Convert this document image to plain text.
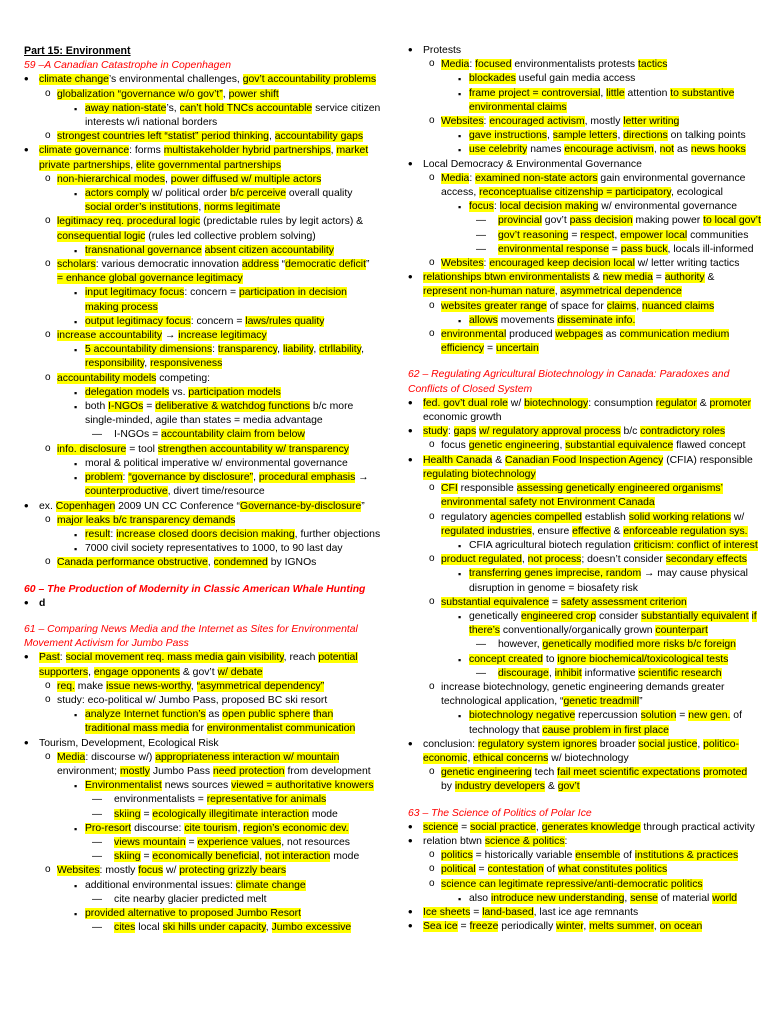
Part 15: Environment
59 –A Canadian Catastrophe in Copenhagen
climate change’s environmental challenges, gov’t accountability problems
globalization “governance w/o gov’t”, power shift
away nation-state’s, can’t hold TNCs accountable service citizen
interests w/i national borders
strongest countries left “statist” period thinking, accountability gaps
climate governance: forms multistakeholder hybrid partnerships, market
private partnerships, elite governmental partnerships
non-hierarchical modes, power diffused w/ multiple actors
actors comply w/ political order b/c perceive overall quality
social order’s institutions, norms legitimate
legitimacy req. procedural logic (predictable rules by legit actors) &
consequential logic (rules led collective problem solving)
transnational governance absent citizen accountability
scholars: various democratic innovation address “democratic deficit”
= enhance global governance legitimacy
input legitimacy focus: concern = participation in decision
making process
output legitimacy focus: concern = laws/rules quality
increase accountability → increase legitimacy
5 accountability dimensions: transparency, liability, ctrllability,
responsibility, responsiveness
accountability models competing:
delegation models vs. participation models
both I-NGOs = deliberative & watchdog functions b/c more
single-minded, agile than states = media advantage
I-NGOs = accountability claim from below
info. disclosure = tool strengthen accountability w/ transparency
moral & political imperative w/ environmental governance
problem: “governance by disclosure”, procedural emphasis →
counterproductive, divert time/resource
ex. Copenhagen 2009 UN CC Conference “Governance-by-disclosure”
major leaks b/c transparency demands
result: increase closed doors decision making, further objections
7000 civil society representatives to 1000, to 90 last day
Canada performance obstructive, condemned by IGNOs
60 – The Production of Modernity in Classic American Whale Hunting
d
61 – Comparing News Media and the Internet as Sites for Environmental
Movement Activism for Jumbo Pass
Past: social movement req. mass media gain visibility, reach potential
supporters, engage opponents & gov’t w/ debate
req. make issue news-worthy, “asymmetrical dependency”
study: eco-political w/ Jumbo Pass, proposed BC ski resort
analyze Internet function’s as open public sphere than
traditional mass media for environmentalist communication
Tourism, Development, Ecological Risk
Media: discourse w/) appropriateness interaction w/ mountain
environment; mostly Jumbo Pass need protection from development
Environmentalist news sources viewed = authoritative knowers
environmentalists = representative for animals
skiing = ecologically illegitimate interaction mode
Pro-resort discourse: cite tourism, region’s economic dev.
views mountain = experience values, not resources
skiing = economically beneficial, not interaction mode
Websites: mostly focus w/ protecting grizzly bears
additional environmental issues: climate change
cite nearby glacier predicted melt
provided alternative to proposed Jumbo Resort
cites local ski hills under capacity, Jumbo excessive
Protests
Media: focused environmentalists protests tactics
blockades useful gain media access
frame project = controversial, little attention to substantive
environmental claims
Websites: encouraged activism, mostly letter writing
gave instructions, sample letters, directions on talking points
use celebrity names encourage activism, not as news hooks
Local Democracy & Environmental Governance
Media: examined non-state actors gain environmental governance
access, reconceptualise citizenship = participatory, ecological
focus: local decision making w/ environmental governance
provincial gov’t pass decision making power to local gov’t
gov’t reasoning = respect, empower local communities
environmental response = pass buck, locals ill-informed
Websites: encouraged keep decision local w/ letter writing tactics
relationships btwn environmentalists & new media = authority &
represent non-human nature, asymmetrical dependence
websites greater range of space for claims, nuanced claims
allows movements disseminate info.
environmental produced webpages as communication medium
efficiency = uncertain
62 – Regulating Agricultural Biotechnology in Canada: Paradoxes and
Conflicts of Closed System
fed. gov’t dual role w/ biotechnology: consumption regulator & promoter
economic growth
study: gaps w/ regulatory approval process b/c contradictory roles
focus genetic engineering, substantial equivalence flawed concept
Health Canada & Canadian Food Inspection Agency (CFIA) responsible
regulating biotechnology
CFI responsible assessing genetically engineered organisms’
environmental safety not Environment Canada
regulatory agencies compelled establish solid working relations w/
regulated industries, ensure effective & enforceable regulation sys.
CFIA agricultural biotech regulation criticism: conflict of interest
product regulated, not process; doesn’t consider secondary effects
transferring genes imprecise, random → may cause physical
disruption in genome = biosafety risk
substantial equivalence = safety assessment criterion
genetically engineered crop consider substantially equivalent if
there’s conventionally/organically grown counterpart
however, genetically modified more risks b/c foreign
concept created to ignore biochemical/toxicological tests
discourage, inhibit informative scientific research
increase biotechnology, genetic engineering demands greater
technological application, “genetic treadmill”
biotechnology negative repercussion solution = new gen. of
technology that cause problem in first place
conclusion: regulatory system ignores broader social justice, politico-
economic, ethical concerns w/ biotechnology
genetic engineering tech fail meet scientific expectations promoted
by industry developers & gov’t
63 – The Science of Politics of Polar Ice
science = social practice, generates knowledge through practical activity
relation btwn science & politics:
politics = historically variable ensemble of institutions & practices
political = contestation of what constitutes politics
science can legitimate repressive/anti-democratic politics
also introduce new understanding, sense of material world
Ice sheets = land-based, last ice age remnants
Sea ice = freeze periodically winter, melts summer, on ocean
